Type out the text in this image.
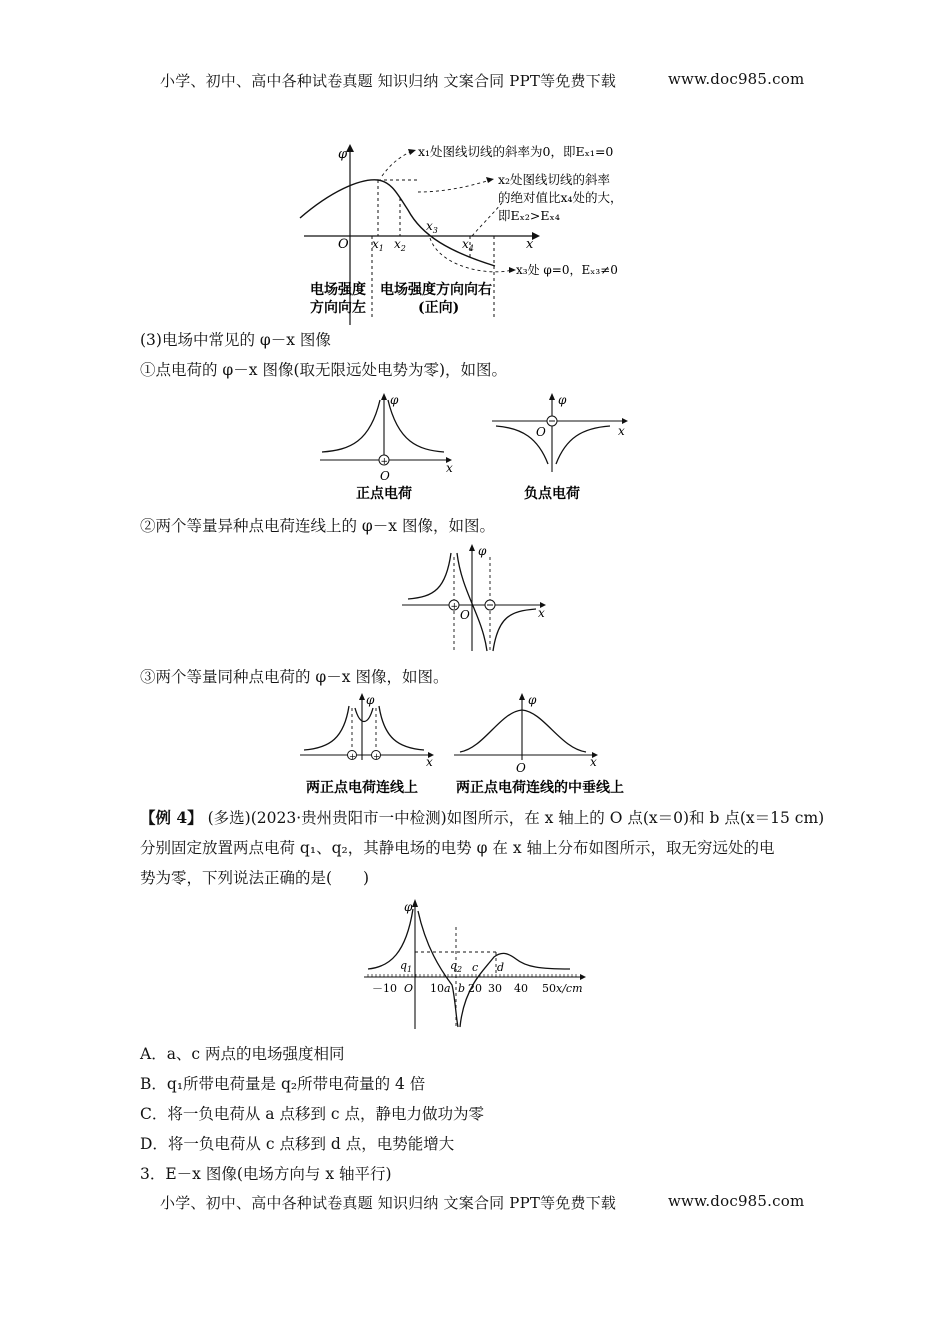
小学、初中、高中各种试卷真题 知识归纳 文案合同 PPT等免费下载	www.doc985.com
φ
O	x
$x_1$ $x_2$
$x_3$
$x_4$
x₁处图线切线的斜率为0，即Eₓ₁=0
x₂处图线切线的斜率
的绝对值比x₄处的大，
即Eₓ₂>Eₓ₄
x₃处 φ=0，Eₓ₃≠0
电场强度
方向向左
电场强度方向向右
(正向)
(3)电场中常见的 φ－x 图像
①点电荷的 φ－x 图像(取无限远处电势为零)，如图。
+
φ
x
O
正点电荷
φ
x
O
负点电荷
②两个等量异种点电荷连线上的 φ－x 图像，如图。
+
φ
x
O
③两个等量同种点电荷的 φ－x 图像，如图。
+ +
φ
x
两正点电荷连线上
φ
x
O
两正点电荷连线的中垂线上
【例 4】 (多选)(2023·贵州贵阳市一中检测)如图所示，在 x 轴上的 O 点(x＝0)和 b 点(x＝15 cm)
分别固定放置两点电荷 q₁、q₂，其静电场的电势 φ 在 x 轴上分布如图所示，取无穷远处的电
势为零，下列说法正确的是(　　)
φ
$q_1$	$q_2$ c d
a b
－10 O 10 20 30 40 50 x/cm
A．a、c 两点的电场强度相同
B．q₁所带电荷量是 q₂所带电荷量的 4 倍
C．将一负电荷从 a 点移到 c 点，静电力做功为零
D．将一负电荷从 c 点移到 d 点，电势能增大
3．E－x 图像(电场方向与 x 轴平行)
小学、初中、高中各种试卷真题 知识归纳 文案合同 PPT等免费下载	www.doc985.com
